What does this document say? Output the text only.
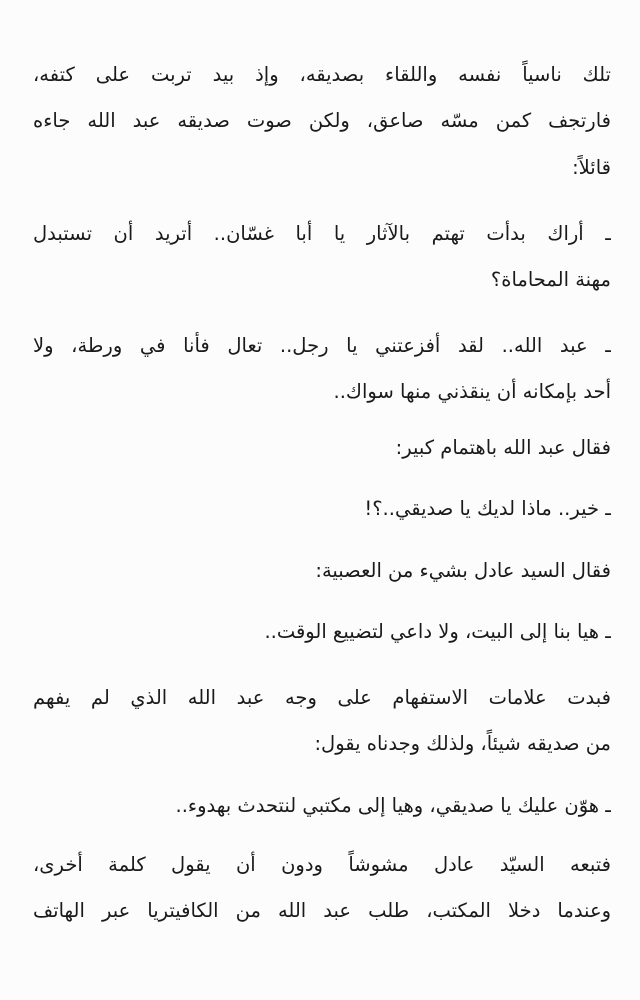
تلك ناسياً نفسه واللقاء بصديقه، وإذ بيد تربت على كتفه،
فارتجف كمن مسّه صاعق، ولكن صوت صديقه عبد الله جاءه
قائلاً:
ـ أراك بدأت تهتم بالآثار يا أبا غسّان.. أتريد أن تستبدل
مهنة المحاماة؟
ـ عبد الله.. لقد أفزعتني يا رجل.. تعال فأنا في ورطة، ولا
أحد بإمكانه أن ينقذني منها سواك..
فقال عبد الله باهتمام كبير:
ـ خير.. ماذا لديك يا صديقي..؟!
فقال السيد عادل بشيء من العصبية:
ـ هيا بنا إلى البيت، ولا داعي لتضييع الوقت..
فبدت علامات الاستفهام على وجه عبد الله الذي لم يفهم
من صديقه شيئاً، ولذلك وجدناه يقول:
ـ هوّن عليك يا صديقي، وهيا إلى مكتبي لنتحدث بهدوء..
فتبعه السيّد عادل مشوشاً ودون أن يقول كلمة أخرى،
وعندما دخلا المكتب، طلب عبد الله من الكافيتريا عبر الهاتف
